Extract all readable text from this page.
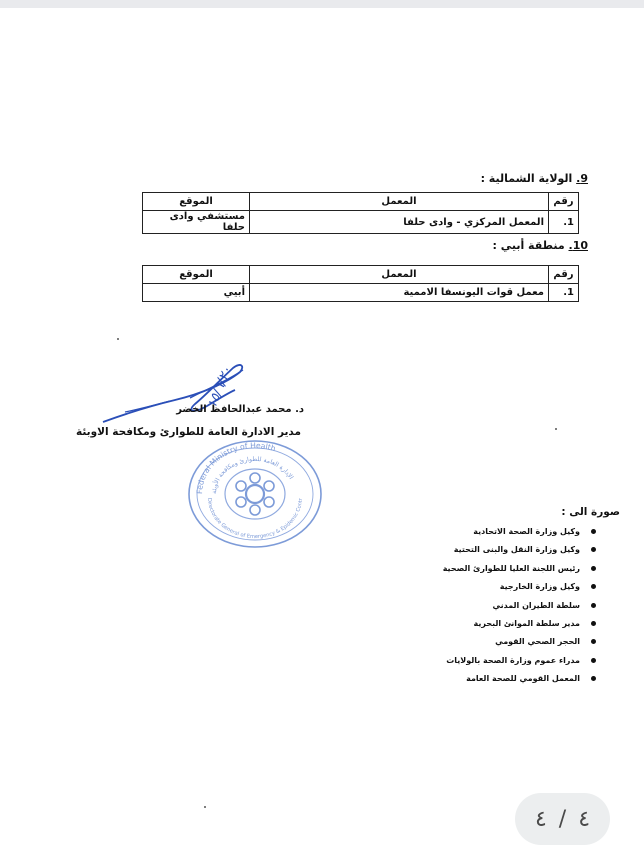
9. الولاية الشمالية :
رقم	المعمل	الموقع
1.	المعمل المركزي - وادى حلفا	مستشفي وادى حلفا
10. منطقة أبيي :
رقم	المعمل	الموقع
1.	معمل قوات اليونسفا الاممية	أبيي
١٥/٦/٢٠
د. محمد عبدالحافظ الخضر
مدير الادارة العامة للطوارئ ومكافحة الاوبئة
الإدارة العامة للطوارئ ومكافحة الأوبئة
Federal Ministry of Health
Directorate General of Emergency & Epidemic Contr
صورة الى :
وكيل وزارة الصحة الاتحادية
وكيل وزارة النقل والبنى التحتية
رئيس اللجنة العليا للطوارئ الصحية
وكيل وزارة الخارجية
سلطة الطيران المدني
مدير سلطة الموانئ البحرية
الحجر الصحي القومي
مدراء عموم وزارة الصحة بالولايات
المعمل القومي للصحة العامة
٤
/
٤
